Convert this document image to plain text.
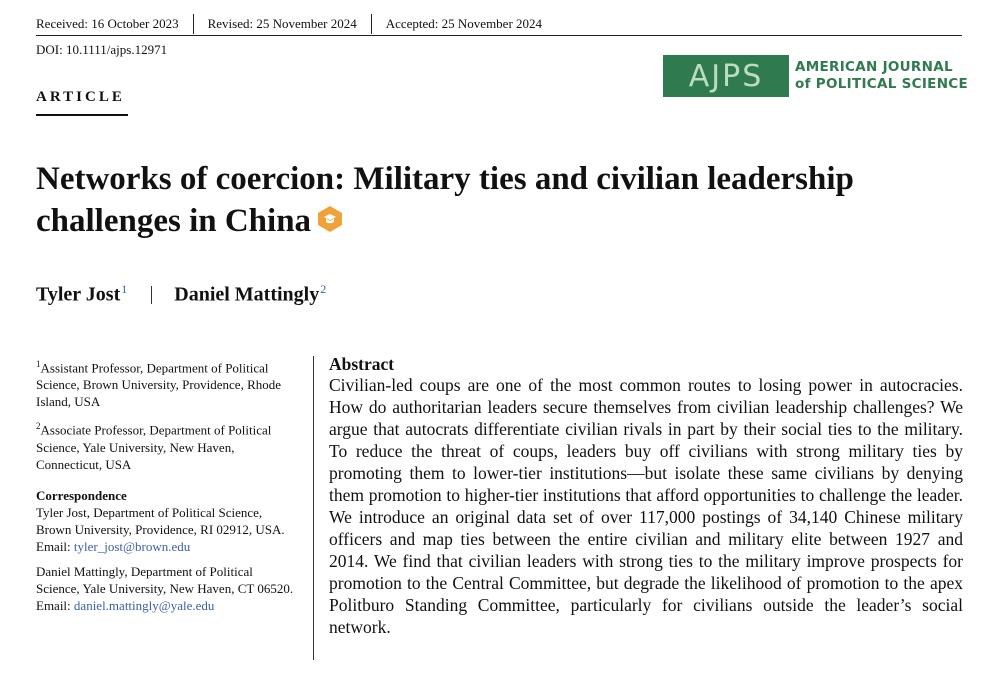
Received: 16 October 2023 Revised: 25 November 2024 Accepted: 25 November 2024
DOI: 10.1111/ajps.12971
ARTICLE
AJPS AMERICAN JOURNAL
of POLITICAL SCIENCE
Networks of coercion: Military ties and civilian leadership
challenges in China
Tyler Jost$^1$ Daniel Mattingly$^2$

$^1$Assistant Professor, Department of Political Science, Brown University, Providence, Rhode Island, USA

$^2$Associate Professor, Department of Political Science, Yale University, New Haven, Connecticut, USA

Correspondence

Tyler Jost, Department of Political Science, Brown University, Providence, RI 02912, USA.
Email: tyler_jost@brown.edu

Daniel Mattingly, Department of Political Science, Yale University, New Haven, CT 06520.
Email: daniel.mattingly@yale.edu

Abstract
Civilian-led coups are one of the most common routes to losing power in autocracies. How do authoritarian leaders secure themselves from civilian leadership challenges? We argue that autocrats differentiate civilian rivals in part by their social ties to the military. To reduce the threat of coups, leaders buy off civilians with strong military ties by promoting them to lower-tier institutions—but isolate these same civilians by denying them promotion to higher-tier institutions that afford opportunities to challenge the leader. We introduce an original data set of over 117,000 postings of 34,140 Chinese military officers and map ties between the entire civilian and military elite between 1927 and 2014. We find that civilian leaders with strong ties to the military improve prospects for promotion to the Central Committee, but degrade the likelihood of promotion to the apex Politburo Standing Committee, particularly for civilians outside the leader’s social network.
